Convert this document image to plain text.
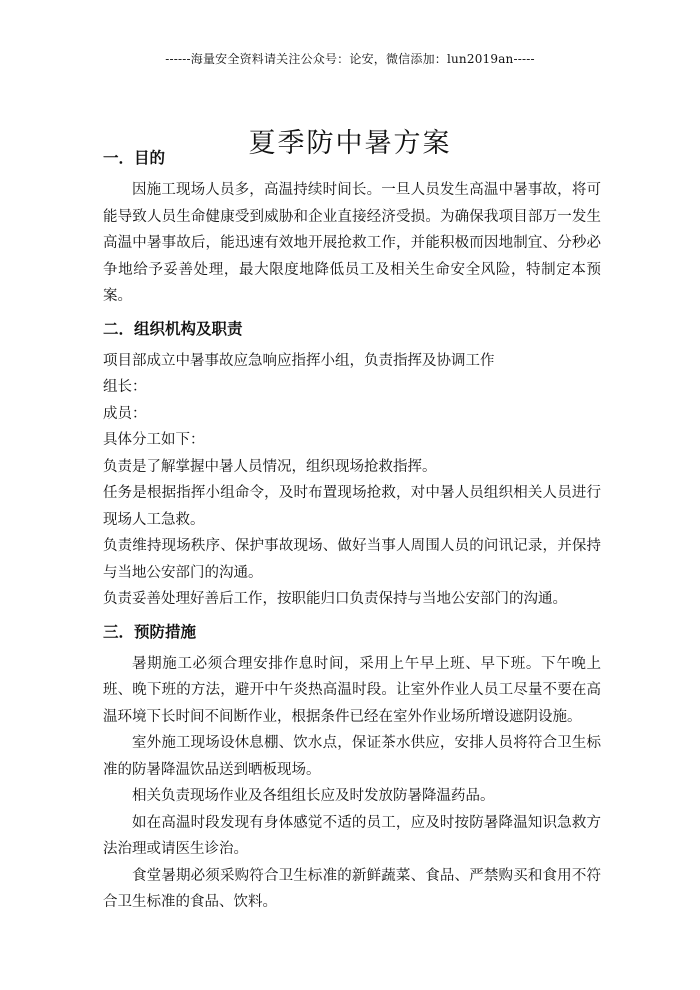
------海量安全资料请关注公众号：论安，微信添加：lun2019an-----
夏季防中暑方案

一．目的

因施工现场人员多，高温持续时间长。一旦人员发生高温中暑事故，将可能导致人员生命健康受到威胁和企业直接经济受损。为确保我项目部万一发生高温中暑事故后，能迅速有效地开展抢救工作，并能积极而因地制宜、分秒必争地给予妥善处理，最大限度地降低员工及相关生命安全风险，特制定本预案。

二．组织机构及职责

项目部成立中暑事故应急响应指挥小组，负责指挥及协调工作

组长：

成员：

具体分工如下：

负责是了解掌握中暑人员情况，组织现场抢救指挥。

任务是根据指挥小组命令，及时布置现场抢救，对中暑人员组织相关人员进行现场人工急救。

负责维持现场秩序、保护事故现场、做好当事人周围人员的问讯记录，并保持与当地公安部门的沟通。

负责妥善处理好善后工作，按职能归口负责保持与当地公安部门的沟通。

三．预防措施

暑期施工必须合理安排作息时间，采用上午早上班、早下班。下午晚上班、晚下班的方法，避开中午炎热高温时段。让室外作业人员工尽量不要在高温环境下长时间不间断作业，根据条件已经在室外作业场所增设遮阴设施。

室外施工现场设休息棚、饮水点，保证茶水供应，安排人员将符合卫生标准的防暑降温饮品送到晒板现场。

相关负责现场作业及各组组长应及时发放防暑降温药品。

如在高温时段发现有身体感觉不适的员工，应及时按防暑降温知识急救方法治理或请医生诊治。

食堂暑期必须采购符合卫生标准的新鲜蔬菜、食品、严禁购买和食用不符合卫生标准的食品、饮料。
